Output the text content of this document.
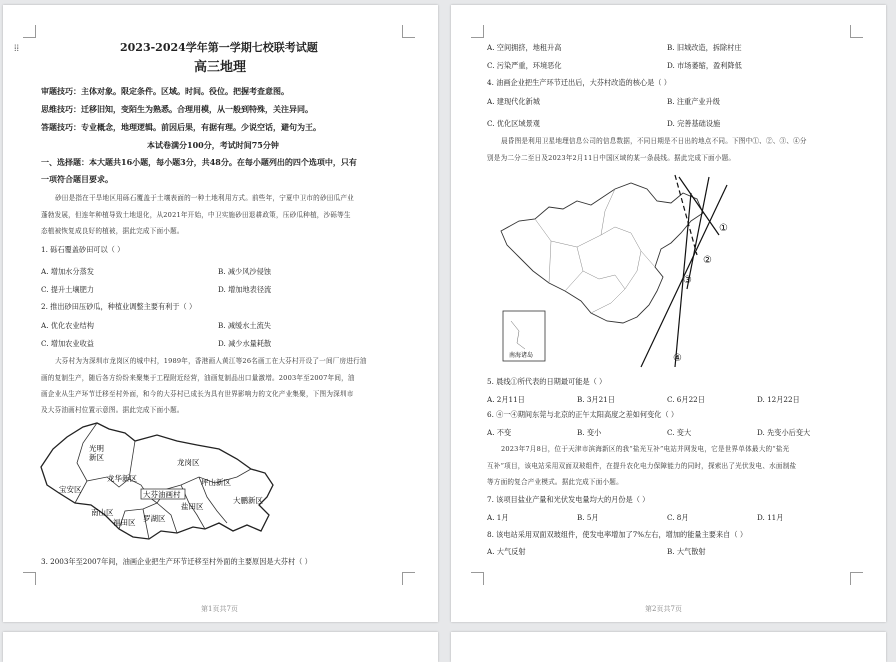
⁞⁞	2023-2024学年第一学期七校联考试题
高三地理
审题技巧：主体对象。限定条件。区域。时间。役位。把握考查意图。
思维技巧：迁移旧知，变陌生为熟悉。合理用模，从一般到特殊，关注异同。
答题技巧：专业概念，地理逻辑。前因后果，有据有理。少说空话，避句为王。
本试卷满分100分，考试时间75分钟
一、选择题：本大题共16小题，每小题3分，共48分。在每小题列出的四个选项中，只有
一项符合题目要求。
砂田是指在干旱地区用砾石覆盖于土壤表面的一种土地利用方式。前些年，宁夏中卫市的砂田瓜产业
蓬勃发展，但连年种植导致土地退化，从2021年开始，中卫实施砂田退耕政策，压砂瓜种植，沙砾等生
态植被恢复成良好的植被，据此完成下面小题。
1. 砾石覆盖砂田可以（ ）
A. 增加水分蒸发	B. 减少风沙侵蚀
C. 提升土壤肥力	D. 增加地表径流
2. 推出砂田压砂瓜，种植业调整主要有利于（ ）
A. 优化农业结构	B. 减缓水土流失
C. 增加农业收益	D. 减少水量耗散
大芬村为为深圳市龙岗区的城中村，1989年，香港画人黄江等26名画工在大芬村开设了一间厂房进行油
画的复制生产，随后各方纷纷来聚集于工程附近经营，油画复制品出口量激增。2003年至2007年间，油
画企业从生产环节迁移至村外面，和今的大芬村已成长为具有世界影响力的文化产业集聚，下图为深圳市
及大芬油画村位置示意图。据此完成下面小题。
光明新区
龙华新区
龙岗区
坪山新区
宝安区
大芬油画村
盐田区
南山区
福田区 罗湖区
大鹏新区
3. 2003年至2007年间，油画企业把生产环节迁移至村外面的主要原因是大芬村（ ）
第1页共7页
A. 空间拥挤，地租升高	B. 旧城改造，拆除村庄
C. 污染严重，环境恶化	D. 市场萎缩，盈利降低
4. 油画企业把生产环节迁出后，大芬村改造的核心是（ ）
A. 建现代化新城	B. 注重产业升级
C. 优化区域景观	D. 完善基础设施
晨昏图是利用卫星地理信息公司的信息数据，不同日期是不日出的地点不同。下图中①、②、③、④分
别是为二分二至日及2023年2月11日中国区域的某一条晨线。据此完成下面小题。
南海诸岛
①
②
③
④
5. 晨线①所代表的日期最可能是（ ）
A. 2月11日	B. 3月21日	C. 6月22日	D. 12月22日
6. ④一④期间东莞与北京的正午太阳高度之差如何变化（ ）
A. 不变	B. 变小	C. 变大	D. 先变小后变大
2023年7月8日，位于天津市滨海新区的我“盐光互补”电站并网发电，它是世界单体最大的“盐光
互补”项目，该电站采用双面双玻组件，在提升农化电力保障能力的同时，探索出了光伏发电、水面制盐
等方面的复合产业模式。据此完成下面小题。
7. 该项目盐业产量和光伏发电量均大的月份是（ ）
A. 1月	B. 5月	C. 8月	D. 11月
8. 该电站采用双面双玻组件，使发电率增加了7%左右，增加的能量主要来自（ ）
A. 大气反射	B. 大气散射
第2页共7页
